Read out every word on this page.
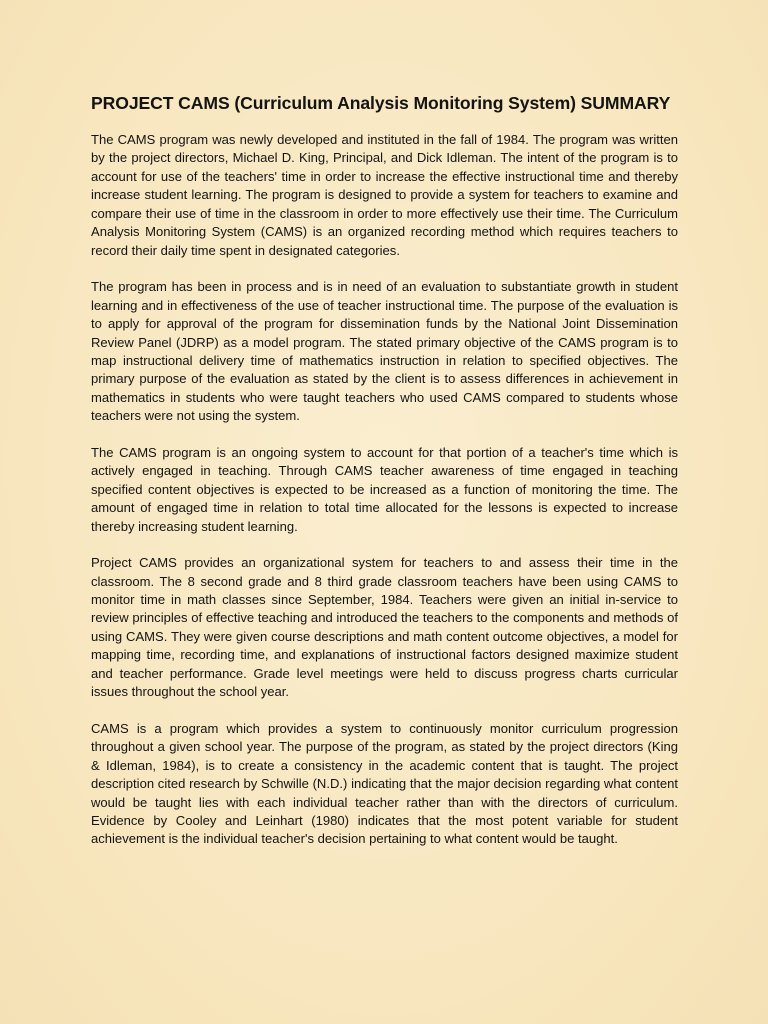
PROJECT CAMS (Curriculum Analysis Monitoring System) SUMMARY

The CAMS program was newly developed and instituted in the fall of 1984. The program was written by the project directors, Michael D. King, Principal, and Dick Idleman. The intent of the program is to account for use of the teachers' time in order to increase the effective instructional time and thereby increase student learning. The program is designed to provide a system for teachers to examine and compare their use of time in the classroom in order to more effectively use their time. The Curriculum Analysis Monitoring System (CAMS) is an organized recording method which requires teachers to record their daily time spent in designated categories.

The program has been in process and is in need of an evaluation to substantiate growth in student learning and in effectiveness of the use of teacher instructional time. The purpose of the evaluation is to apply for approval of the program for dissemination funds by the National Joint Dissemination Review Panel (JDRP) as a model program. The stated primary objective of the CAMS program is to map instructional delivery time of mathematics instruction in relation to specified objectives. The primary purpose of the evaluation as stated by the client is to assess differences in achievement in mathematics in students who were taught teachers who used CAMS compared to students whose teachers were not using the system.

The CAMS program is an ongoing system to account for that portion of a teacher's time which is actively engaged in teaching. Through CAMS teacher awareness of time engaged in teaching specified content objectives is expected to be increased as a function of monitoring the time. The amount of engaged time in relation to total time allocated for the lessons is expected to increase thereby increasing student learning.

Project CAMS provides an organizational system for teachers to and assess their time in the classroom. The 8 second grade and 8 third grade classroom teachers have been using CAMS to monitor time in math classes since September, 1984. Teachers were given an initial in-service to review principles of effective teaching and introduced the teachers to the components and methods of using CAMS. They were given course descriptions and math content outcome objectives, a model for mapping time, recording time, and explanations of instructional factors designed maximize student and teacher performance. Grade level meetings were held to discuss progress charts curricular issues throughout the school year.

CAMS is a program which provides a system to continuously monitor curriculum progression throughout a given school year. The purpose of the program, as stated by the project directors (King & Idleman, 1984), is to create a consistency in the academic content that is taught. The project description cited research by Schwille (N.D.) indicating that the major decision regarding what content would be taught lies with each individual teacher rather than with the directors of curriculum. Evidence by Cooley and Leinhart (1980) indicates that the most potent variable for student achievement is the individual teacher's decision pertaining to what content would be taught.
